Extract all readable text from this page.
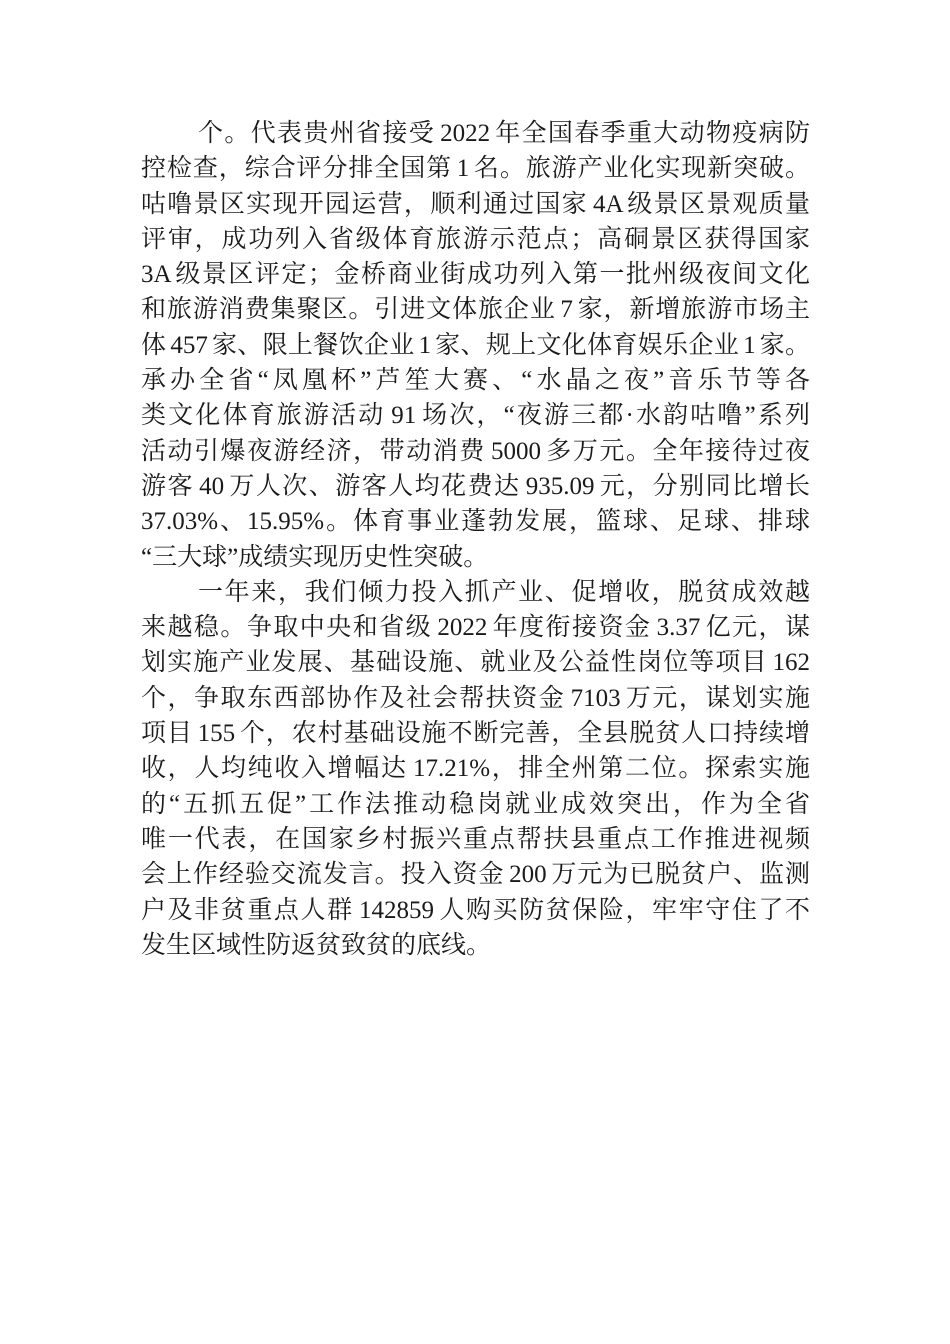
个。代表贵州省接受 2022 年全国春季重大动物疫病防
控检查，综合评分排全国第 1 名。旅游产业化实现新突破。
咕噜景区实现开园运营，顺利通过国家 4A 级景区景观质量
评审，成功列入省级体育旅游示范点；高硐景区获得国家
3A 级景区评定；金桥商业街成功列入第一批州级夜间文化
和旅游消费集聚区。引进文体旅企业 7 家，新增旅游市场主
体 457 家、限上餐饮企业 1 家、规上文化体育娱乐企业 1 家。
承办全省“凤凰杯”芦笙大赛、“水晶之夜”音乐节等各
类文化体育旅游活动 91 场次，“夜游三都·水韵咕噜”系列
活动引爆夜游经济，带动消费 5000 多万元。全年接待过夜
游客 40 万人次、游客人均花费达 935.09 元，分别同比增长
37.03%、15.95%。体育事业蓬勃发展，篮球、足球、排球
“三大球”成绩实现历史性突破。
一年来，我们倾力投入抓产业、促增收，脱贫成效越
来越稳。争取中央和省级 2022 年度衔接资金 3.37 亿元，谋
划实施产业发展、基础设施、就业及公益性岗位等项目 162
个，争取东西部协作及社会帮扶资金 7103 万元，谋划实施
项目 155 个，农村基础设施不断完善，全县脱贫人口持续增
收，人均纯收入增幅达 17.21%，排全州第二位。探索实施
的“五抓五促”工作法推动稳岗就业成效突出，作为全省
唯一代表，在国家乡村振兴重点帮扶县重点工作推进视频
会上作经验交流发言。投入资金 200 万元为已脱贫户、监测
户及非贫重点人群 142859 人购买防贫保险，牢牢守住了不
发生区域性防返贫致贫的底线。
